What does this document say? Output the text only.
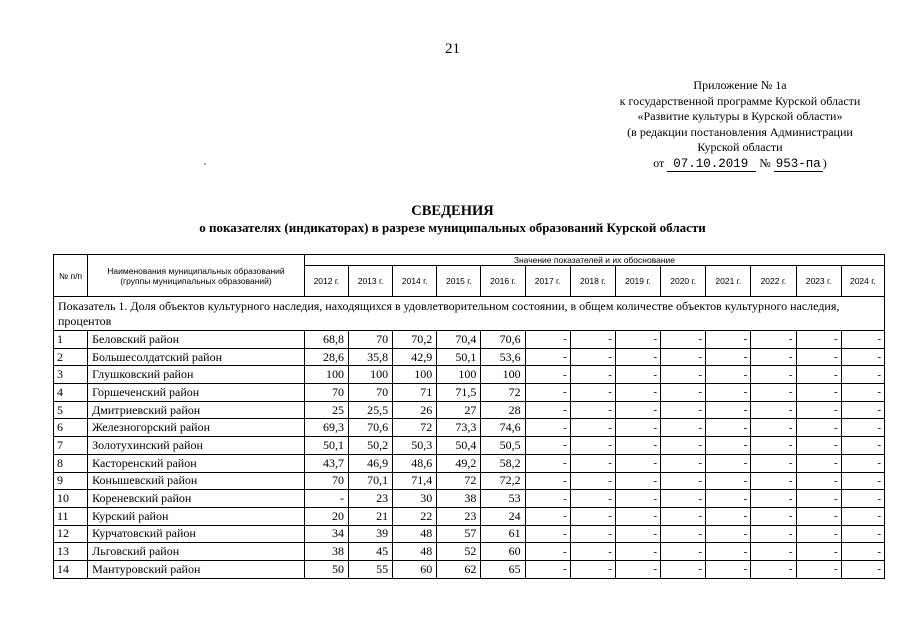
21
Приложение № 1а
к государственной программе Курской области
«Развитие культуры в Курской области»
(в редакции постановления Администрации
Курской области
от 07.10.2019 № 953-па )
СВЕДЕНИЯ
о показателях (индикаторах) в разрезе муниципальных образований Курской области
№ п/п	Наименования муниципальных образований (группы муниципальных образований)	Значение показателей и их обоснование												
		2012 г.	2013 г.	2014 г.	2015 г.	2016 г.	2017 г.	2018 г.	2019 г.	2020 г.	2021 г.	2022 г.	2023 г.	2024 г.
Показатель 1. Доля объектов культурного наследия, находящихся в удовлетворительном состоянии, в общем количестве объектов культурного наследия, процентов														
1	Беловский район	68,8	70	70,2	70,4	70,6	-	-	-	-	-	-	-	-
2	Большесолдатский район	28,6	35,8	42,9	50,1	53,6	-	-	-	-	-	-	-	-
3	Глушковский район	100	100	100	100	100	-	-	-	-	-	-	-	-
4	Горшеченский район	70	70	71	71,5	72	-	-	-	-	-	-	-	-
5	Дмитриевский район	25	25,5	26	27	28	-	-	-	-	-	-	-	-
6	Железногорский район	69,3	70,6	72	73,3	74,6	-	-	-	-	-	-	-	-
7	Золотухинский район	50,1	50,2	50,3	50,4	50,5	-	-	-	-	-	-	-	-
8	Касторенский район	43,7	46,9	48,6	49,2	58,2	-	-	-	-	-	-	-	-
9	Конышевский район	70	70,1	71,4	72	72,2	-	-	-	-	-	-	-	-
10	Кореневский район	-	23	30	38	53	-	-	-	-	-	-	-	-
11	Курский район	20	21	22	23	24	-	-	-	-	-	-	-	-
12	Курчатовский район	34	39	48	57	61	-	-	-	-	-	-	-	-
13	Льговский район	38	45	48	52	60	-	-	-	-	-	-	-	-
14	Мантуровский район	50	55	60	62	65	-	-	-	-	-	-	-	-
